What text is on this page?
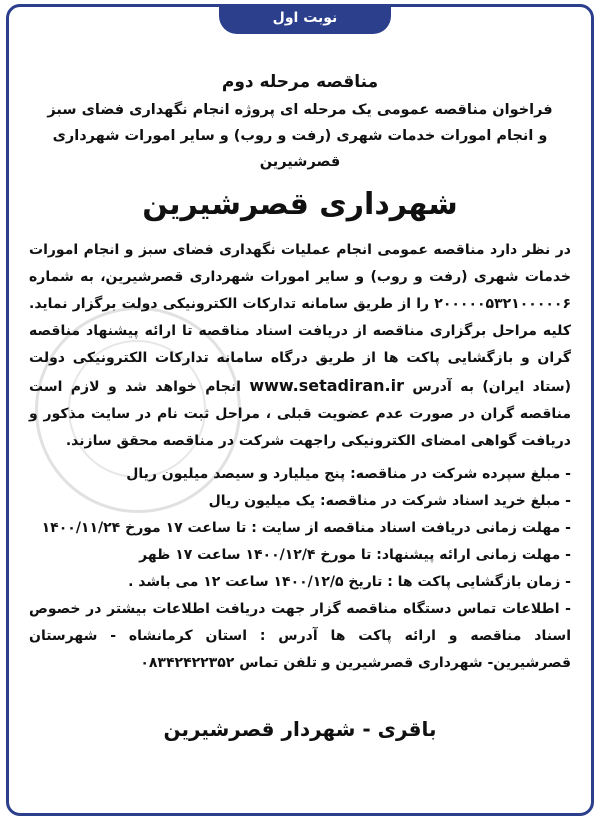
نوبت اول
مناقصه مرحله دوم
فراخوان مناقصه عمومی یک مرحله ای پروژه انجام نگهداری فضای سبز
و انجام امورات خدمات شهری (رفت و روب) و سایر امورات شهرداری قصرشیرین
شهرداری قصرشیرین
در نظر دارد مناقصه عمومی انجام عملیات نگهداری فضای سبز و انجام امورات خدمات شهری (رفت و روب) و سایر امورات شهرداری قصرشیرین، به شماره ۲۰۰۰۰۰۵۳۲۱۰۰۰۰۰۶ را از طریق سامانه تدارکات الکترونیکی دولت برگزار نماید. کلیه مراحل برگزاری مناقصه از دریافت اسناد مناقصه تا ارائه پیشنهاد مناقصه گران و بازگشایی پاکت ها از طریق درگاه سامانه تدارکات الکترونیکی دولت (ستاد ایران) به آدرس www.setadiran.ir انجام خواهد شد و لازم است مناقصه گران در صورت عدم عضویت قبلی ، مراحل ثبت نام در سایت مذکور و دریافت گواهی امضای الکترونیکی راجهت شرکت در مناقصه محقق سازند.
- مبلغ سپرده شرکت در مناقصه: پنج میلیارد و سیصد میلیون ریال
- مبلغ خرید اسناد شرکت در مناقصه: یک میلیون ریال
- مهلت زمانی دریافت اسناد مناقصه از سایت : تا ساعت ۱۷ مورخ ۱۴۰۰/۱۱/۲۴
- مهلت زمانی ارائه پیشنهاد: تا مورخ ۱۴۰۰/۱۲/۴ ساعت ۱۷ ظهر
- زمان بازگشایی پاکت ها : تاریخ ۱۴۰۰/۱۲/۵ ساعت ۱۲ می باشد .
- اطلاعات تماس دستگاه مناقصه گزار جهت دریافت اطلاعات بیشتر در خصوص اسناد مناقصه و ارائه پاکت ها آدرس : استان کرمانشاه - شهرستان قصرشیرین- شهرداری قصرشیرین و تلفن تماس ۰۸۳۴۲۴۲۲۳۵۲
باقری - شهردار قصرشیرین
